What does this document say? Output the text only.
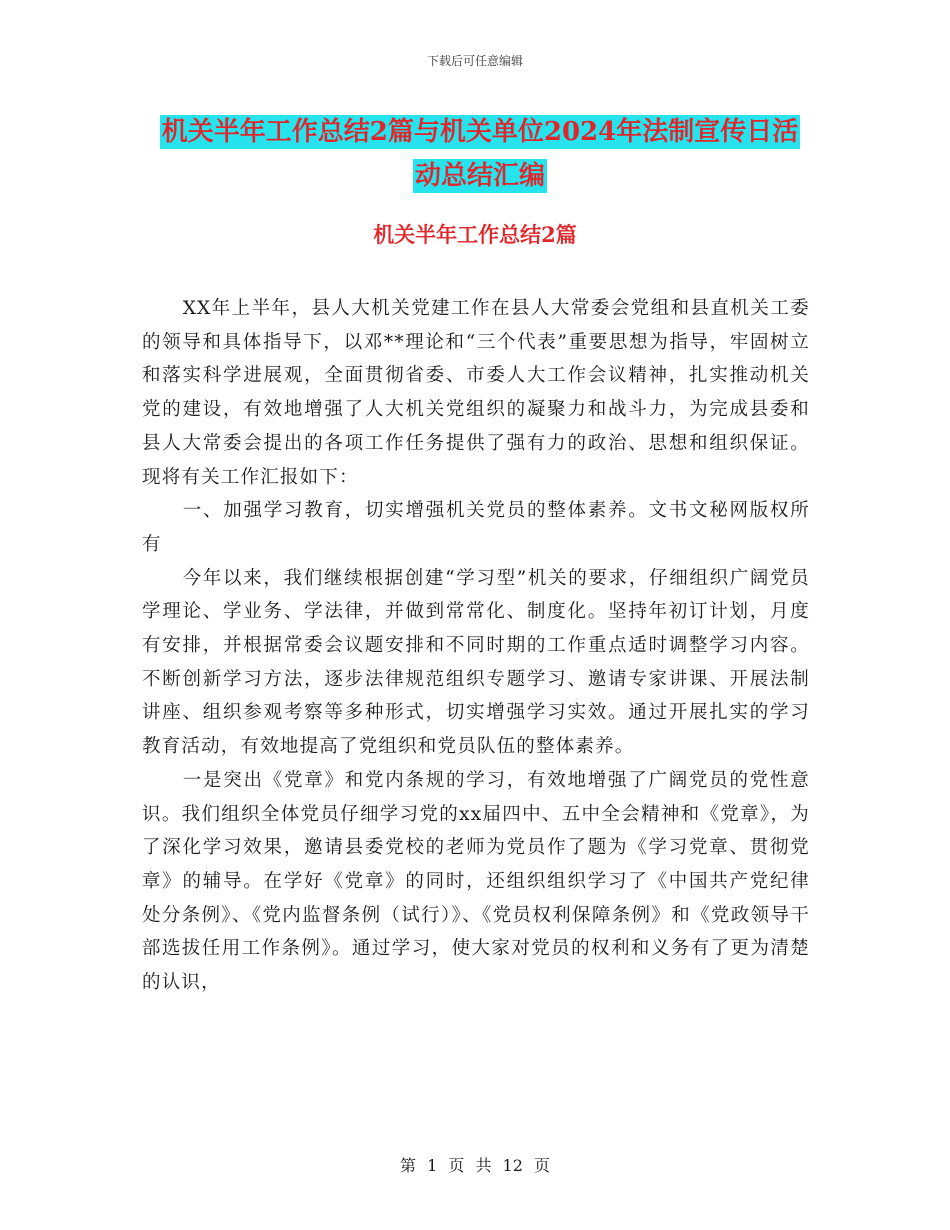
下载后可任意编辑
机关半年工作总结2篇与机关单位2024年法制宣传日活动总结汇编
机关半年工作总结2篇

XX年上半年，县人大机关党建工作在县人大常委会党组和县直机关工委的领导和具体指导下，以邓**理论和“三个代表”重要思想为指导，牢固树立和落实科学进展观，全面贯彻省委、市委人大工作会议精神，扎实推动机关党的建设，有效地增强了人大机关党组织的凝聚力和战斗力，为完成县委和县人大常委会提出的各项工作任务提供了强有力的政治、思想和组织保证。现将有关工作汇报如下：

一、加强学习教育，切实增强机关党员的整体素养。文书文秘网版权所有

今年以来，我们继续根据创建“学习型”机关的要求，仔细组织广阔党员学理论、学业务、学法律，并做到常常化、制度化。坚持年初订计划，月度有安排，并根据常委会议题安排和不同时期的工作重点适时调整学习内容。不断创新学习方法，逐步法律规范组织专题学习、邀请专家讲课、开展法制讲座、组织参观考察等多种形式，切实增强学习实效。通过开展扎实的学习教育活动，有效地提高了党组织和党员队伍的整体素养。

一是突出《党章》和党内条规的学习，有效地增强了广阔党员的党性意识。我们组织全体党员仔细学习党的xx届四中、五中全会精神和《党章》，为了深化学习效果，邀请县委党校的老师为党员作了题为《学习党章、贯彻党章》的辅导。在学好《党章》的同时，还组织组织学习了《中国共产党纪律处分条例》、《党内监督条例（试行）》、《党员权利保障条例》和《党政领导干部选拔任用工作条例》。通过学习，使大家对党员的权利和义务有了更为清楚的认识，

第 1 页 共 12 页
